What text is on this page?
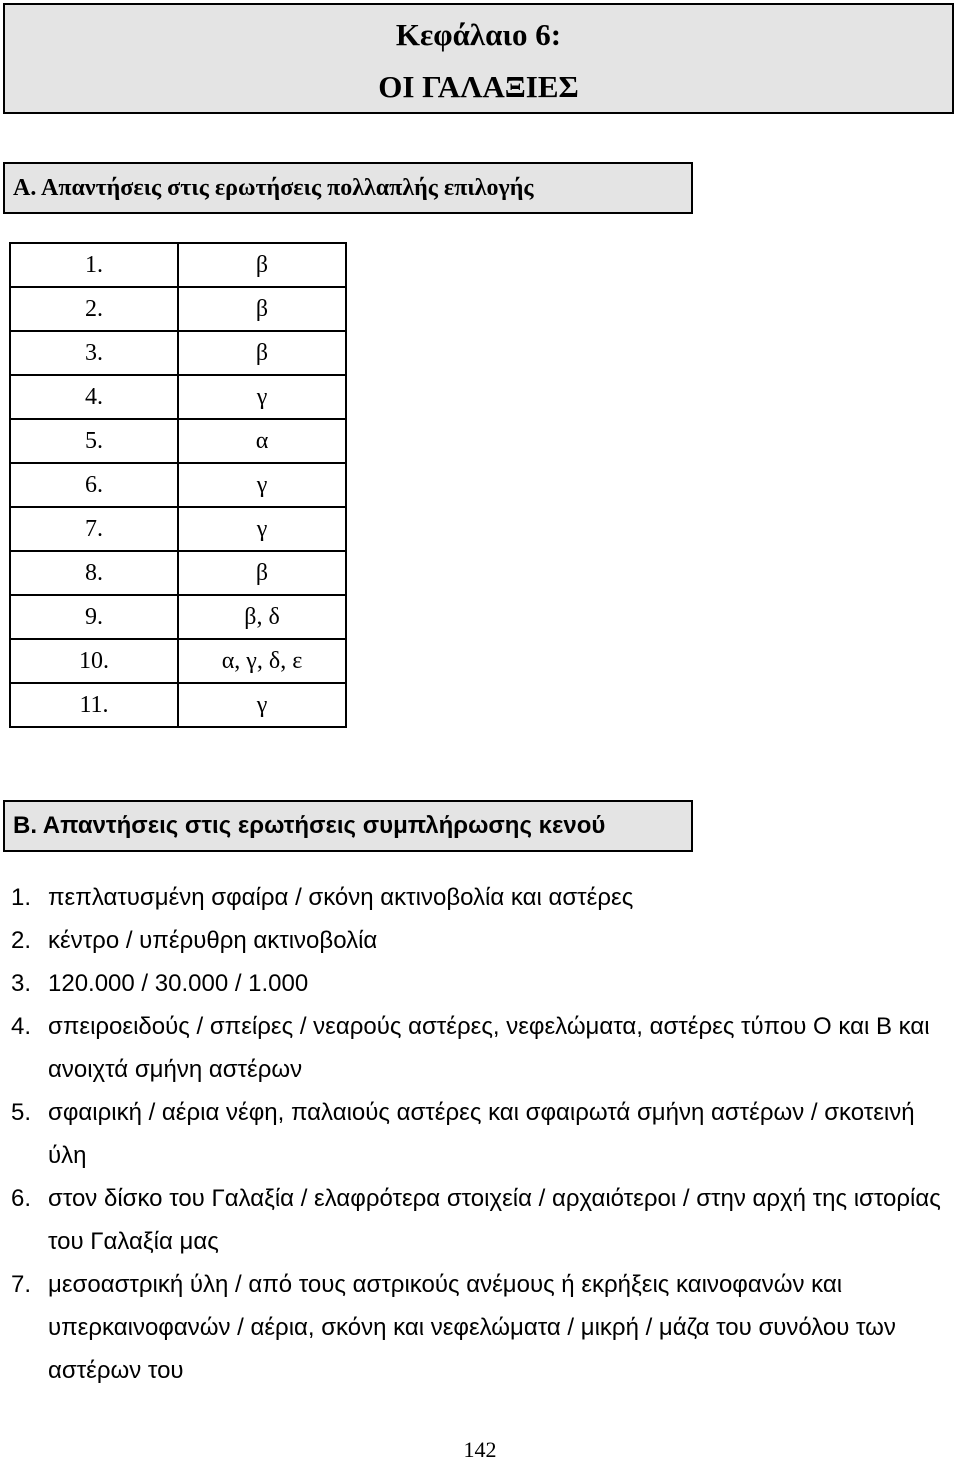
Κεφάλαιο 6:
ΟΙ ΓΑΛΑΞΙΕΣ
Α. Απαντήσεις στις ερωτήσεις πολλαπλής επιλογής
1.	β
2.	β
3.	β
4.	γ
5.	α
6.	γ
7.	γ
8.	β
9.	β, δ
10.	α, γ, δ, ε
11.	γ
Β. Απαντήσεις στις ερωτήσεις συμπλήρωσης κενού
1. πεπλατυσμένη σφαίρα / σκόνη ακτινοβολία και αστέρες
2. κέντρο / υπέρυθρη ακτινοβολία
3. 120.000 / 30.000 / 1.000
4. σπειροειδούς / σπείρες / νεαρούς αστέρες, νεφελώματα, αστέρες τύπου Ο και Β και ανοιχτά σμήνη αστέρων
5. σφαιρική / αέρια νέφη, παλαιούς αστέρες και σφαιρωτά σμήνη αστέρων / σκοτεινή ύλη
6. στον δίσκο του Γαλαξία / ελαφρότερα στοιχεία / αρχαιότεροι / στην αρχή της ιστορίας του Γαλαξία μας
7. μεσοαστρική ύλη / από τους αστρικούς ανέμους ή εκρήξεις καινοφανών και υπερκαινοφανών / αέρια, σκόνη και νεφελώματα / μικρή / μάζα του συνόλου των αστέρων του
142
